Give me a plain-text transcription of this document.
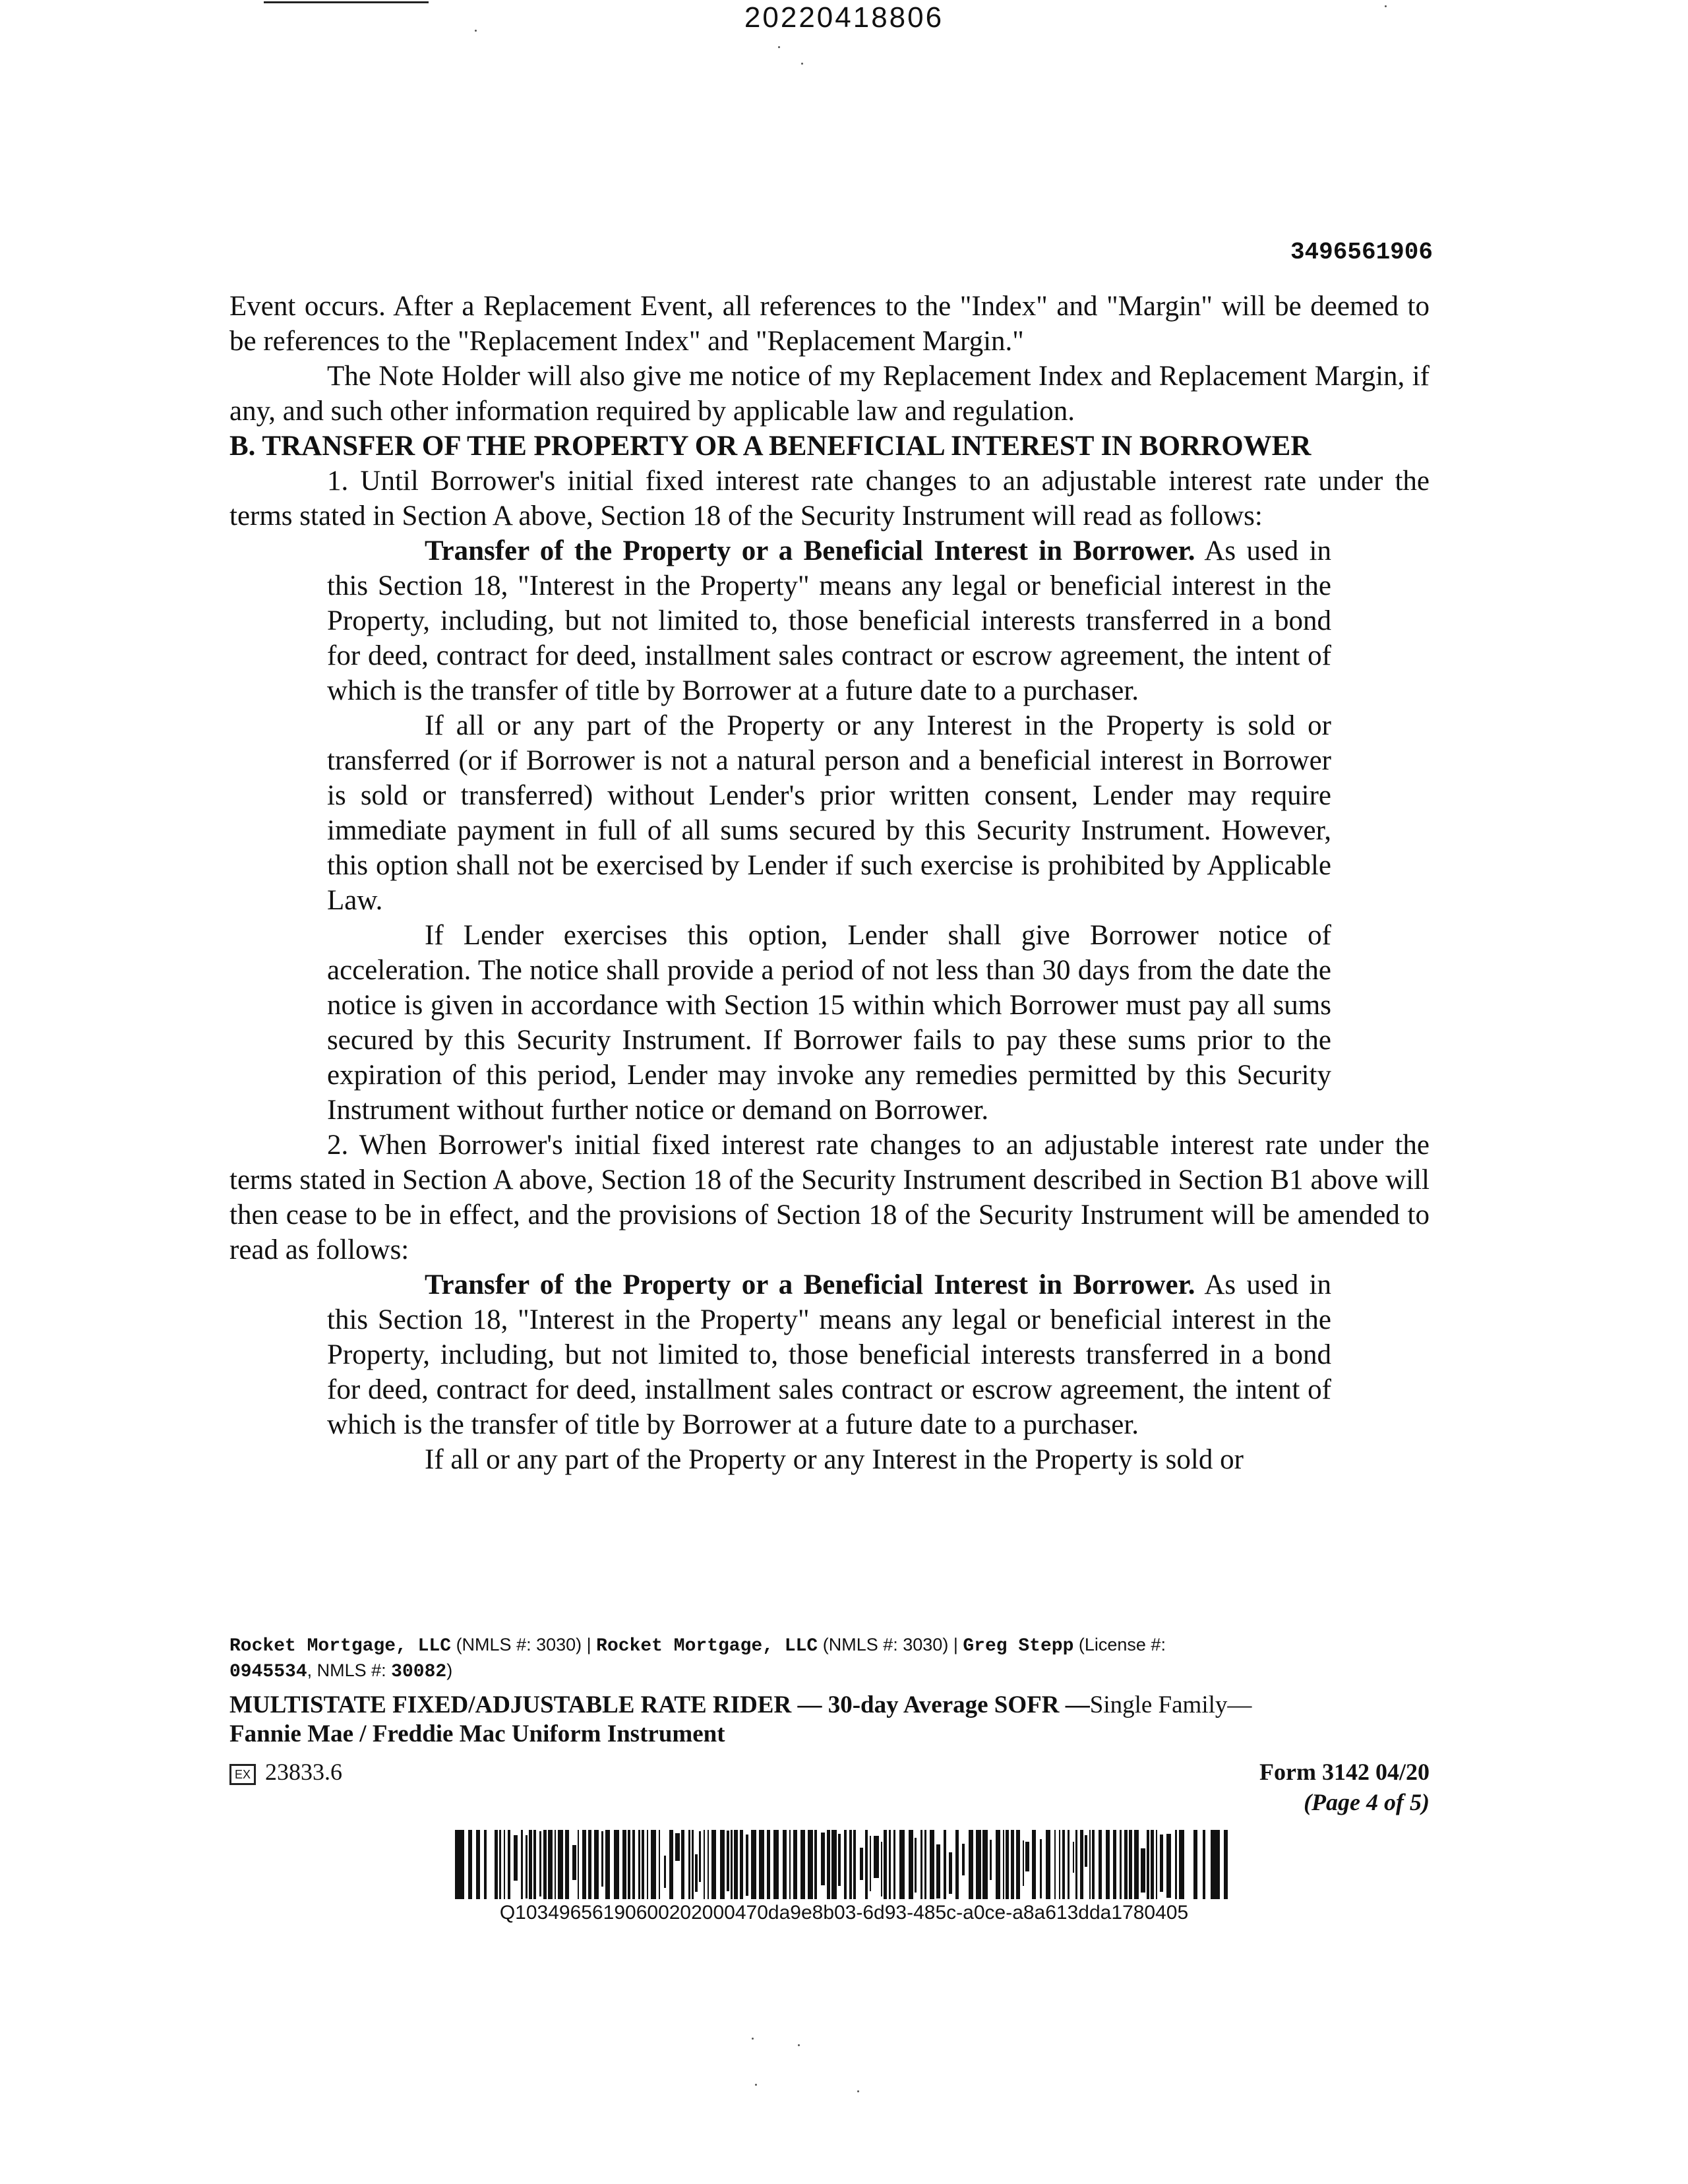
20220418806
3496561906

Event occurs. After a Replacement Event, all references to the "Index" and "Margin" will be deemed to be references to the "Replacement Index" and "Replacement Margin."

The Note Holder will also give me notice of my Replacement Index and Replacement Margin, if any, and such other information required by applicable law and regulation.

B. TRANSFER OF THE PROPERTY OR A BENEFICIAL INTEREST IN BORROWER

1. Until Borrower's initial fixed interest rate changes to an adjustable interest rate under the terms stated in Section A above, Section 18 of the Security Instrument will read as follows:

Transfer of the Property or a Beneficial Interest in Borrower. As used in this Section 18, "Interest in the Property" means any legal or beneficial interest in the Property, including, but not limited to, those beneficial interests transferred in a bond for deed, contract for deed, installment sales contract or escrow agreement, the intent of which is the transfer of title by Borrower at a future date to a purchaser.

If all or any part of the Property or any Interest in the Property is sold or transferred (or if Borrower is not a natural person and a beneficial interest in Borrower is sold or transferred) without Lender's prior written consent, Lender may require immediate payment in full of all sums secured by this Security Instrument. However, this option shall not be exercised by Lender if such exercise is prohibited by Applicable Law.

If Lender exercises this option, Lender shall give Borrower notice of acceleration. The notice shall provide a period of not less than 30 days from the date the notice is given in accordance with Section 15 within which Borrower must pay all sums secured by this Security Instrument. If Borrower fails to pay these sums prior to the expiration of this period, Lender may invoke any remedies permitted by this Security Instrument without further notice or demand on Borrower.

2. When Borrower's initial fixed interest rate changes to an adjustable interest rate under the terms stated in Section A above, Section 18 of the Security Instrument described in Section B1 above will then cease to be in effect, and the provisions of Section 18 of the Security Instrument will be amended to read as follows:

Transfer of the Property or a Beneficial Interest in Borrower. As used in this Section 18, "Interest in the Property" means any legal or beneficial interest in the Property, including, but not limited to, those beneficial interests transferred in a bond for deed, contract for deed, installment sales contract or escrow agreement, the intent of which is the transfer of title by Borrower at a future date to a purchaser.

If all or any part of the Property or any Interest in the Property is sold or

Rocket Mortgage, LLC (NMLS #: 3030) | Rocket Mortgage, LLC (NMLS #: 3030) | Greg Stepp (License #:
0945534, NMLS #: 30082)
MULTISTATE FIXED/ADJUSTABLE RATE RIDER — 30-day Average SOFR —Single Family—
Fannie Mae / Freddie Mac Uniform Instrument
EX 23833.6	Form 3142 04/20
(Page 4 of 5)
Q10349656190600202000470da9e8b03-6d93-485c-a0ce-a8a613dda1780405
